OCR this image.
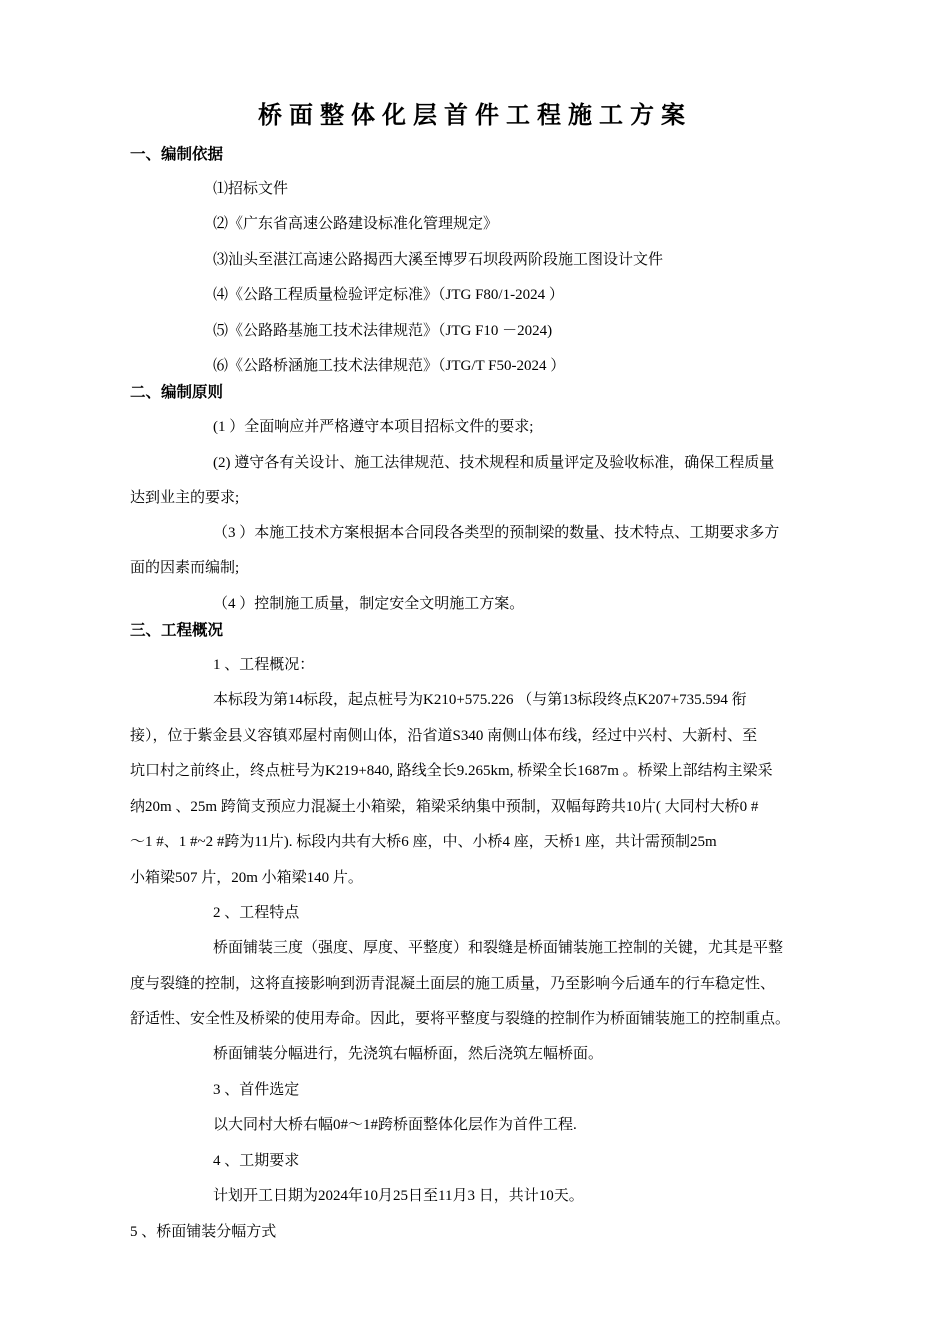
桥面整体化层首件工程施工方案
一、编制依据
⑴招标文件
⑵《广东省高速公路建设标准化管理规定》
⑶汕头至湛江高速公路揭西大溪至博罗石坝段两阶段施工图设计文件
⑷《公路工程质量检验评定标准》（JTG F80/1-2024 ）
⑸《公路路基施工技术法律规范》（JTG F10 －2024)
⑹《公路桥涵施工技术法律规范》（JTG/T F50-2024 ）
二、编制原则
(1 ）全面响应并严格遵守本项目招标文件的要求;
(2) 遵守各有关设计、施工法律规范、技术规程和质量评定及验收标准，确保工程质量
达到业主的要求;
（3 ）本施工技术方案根据本合同段各类型的预制梁的数量、技术特点、工期要求多方
面的因素而编制;
（4 ）控制施工质量，制定安全文明施工方案。
三、工程概况
1 、工程概况：
本标段为第14标段，起点桩号为K210+575.226 （与第13标段终点K207+735.594 衔
接），位于紫金县义容镇邓屋村南侧山体，沿省道S340 南侧山体布线，经过中兴村、大新村、至
坑口村之前终止，终点桩号为K219+840, 路线全长9.265km, 桥梁全长1687m 。桥梁上部结构主梁采
纳20m 、25m 跨简支预应力混凝土小箱梁，箱梁采纳集中预制，双幅每跨共10片( 大同村大桥0 #
～1 #、1 #~2 #跨为11片). 标段内共有大桥6 座，中、小桥4 座，天桥1 座，共计需预制25m
小箱梁507 片，20m 小箱梁140 片。
2 、工程特点
桥面铺装三度（强度、厚度、平整度）和裂缝是桥面铺装施工控制的关键，尤其是平整
度与裂缝的控制，这将直接影响到沥青混凝土面层的施工质量，乃至影响今后通车的行车稳定性、
舒适性、安全性及桥梁的使用寿命。因此，要将平整度与裂缝的控制作为桥面铺装施工的控制重点。
桥面铺装分幅进行，先浇筑右幅桥面，然后浇筑左幅桥面。
3 、首件选定
以大同村大桥右幅0#～1#跨桥面整体化层作为首件工程.
4 、工期要求
计划开工日期为2024年10月25日至11月3 日，共计10天。
5 、桥面铺装分幅方式
